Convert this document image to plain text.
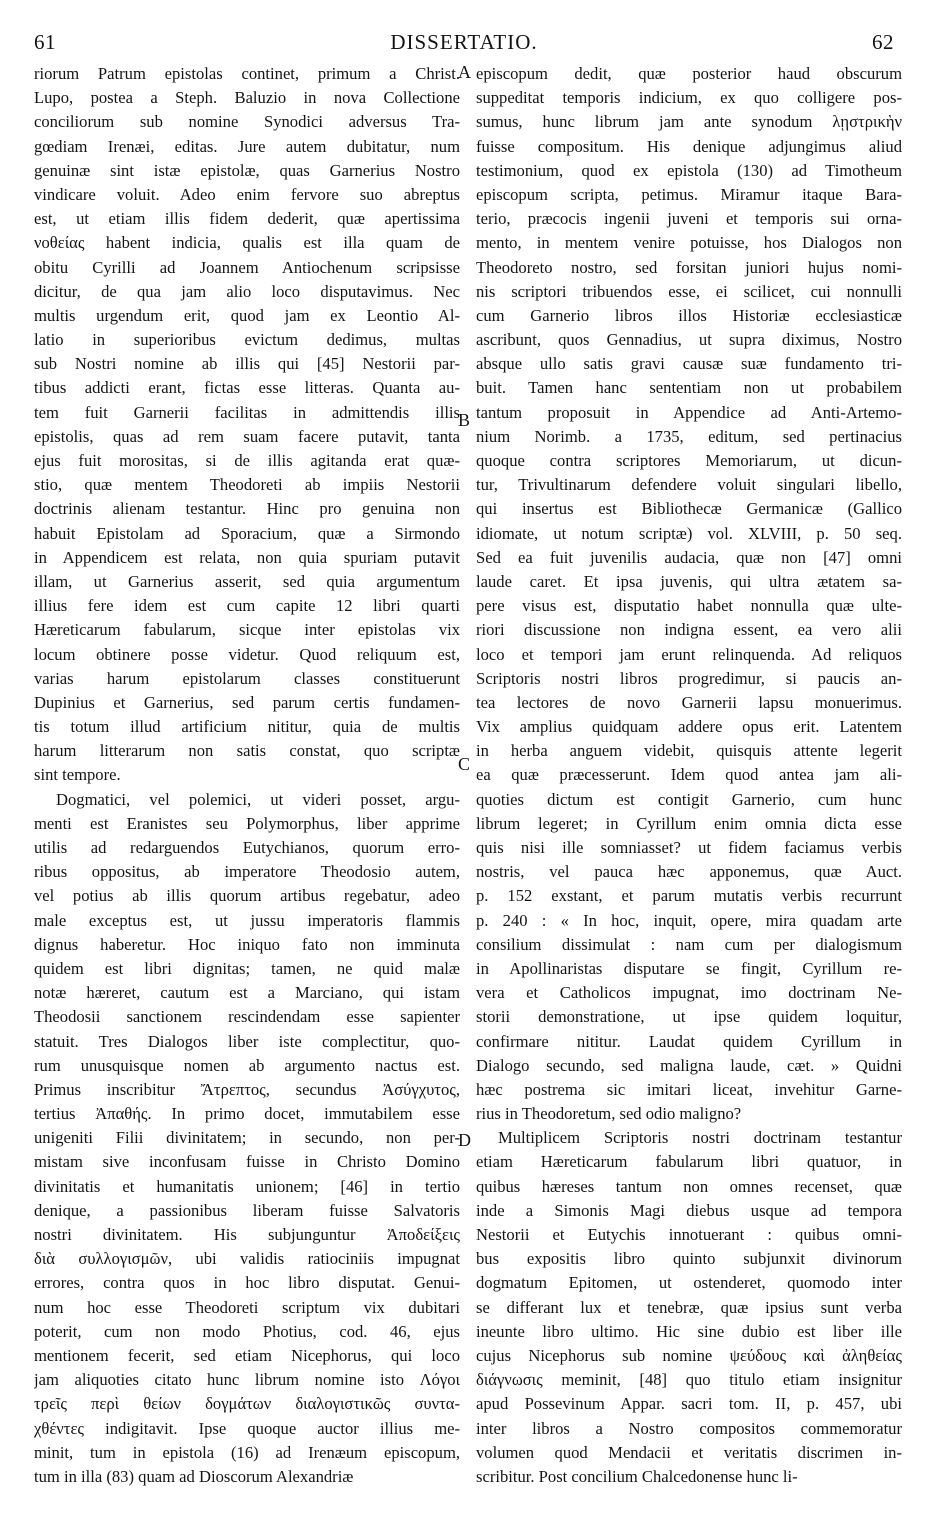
61	DISSERTATIO.	62
riorum Patrum epistolas continet, primum a Christ.
Lupo, postea a Steph. Baluzio in nova Collectione
conciliorum sub nomine Synodici adversus Tra-
gœdiam Irenæi, editas. Jure autem dubitatur, num
genuinæ sint istæ epistolæ, quas Garnerius Nostro
vindicare voluit. Adeo enim fervore suo abreptus
est, ut etiam illis fidem dederit, quæ apertissima
νοθείας habent indicia, qualis est illa quam de
obitu Cyrilli ad Joannem Antiochenum scripsisse
dicitur, de qua jam alio loco disputavimus. Nec
multis urgendum erit, quod jam ex Leontio Al-
latio in superioribus evictum dedimus, multas
sub Nostri nomine ab illis qui [45] Nestorii par-
tibus addicti erant, fictas esse litteras. Quanta au-
tem fuit Garnerii facilitas in admittendis illis
epistolis, quas ad rem suam facere putavit, tanta
ejus fuit morositas, si de illis agitanda erat quæ-
stio, quæ mentem Theodoreti ab impiis Nestorii
doctrinis alienam testantur. Hinc pro genuina non
habuit Epistolam ad Sporacium, quæ a Sirmondo
in Appendicem est relata, non quia spuriam putavit
illam, ut Garnerius asserit, sed quia argumentum
illius fere idem est cum capite 12 libri quarti
Hæreticarum fabularum, sicque inter epistolas vix
locum obtinere posse videtur. Quod reliquum est,
varias harum epistolarum classes constituerunt
Dupinius et Garnerius, sed parum certis fundamen-
tis totum illud artificium nititur, quia de multis
harum litterarum non satis constat, quo scriptæ
sint tempore.
Dogmatici, vel polemici, ut videri posset, argu-
menti est Eranistes seu Polymorphus, liber apprime
utilis ad redarguendos Eutychianos, quorum erro-
ribus oppositus, ab imperatore Theodosio autem,
vel potius ab illis quorum artibus regebatur, adeo
male exceptus est, ut jussu imperatoris flammis
dignus haberetur. Hoc iniquo fato non imminuta
quidem est libri dignitas; tamen, ne quid malæ
notæ hæreret, cautum est a Marciano, qui istam
Theodosii sanctionem rescindendam esse sapienter
statuit. Tres Dialogos liber iste complectitur, quo-
rum unusquisque nomen ab argumento nactus est.
Primus inscribitur Ἄτρεπτος, secundus Ἀσύγχυτος,
tertius Ἀπαθής. In primo docet, immutabilem esse
unigeniti Filii divinitatem; in secundo, non per-
mistam sive inconfusam fuisse in Christo Domino
divinitatis et humanitatis unionem; [46] in tertio
denique, a passionibus liberam fuisse Salvatoris
nostri divinitatem. His subjunguntur Ἀποδείξεις
διὰ συλλογισμῶν, ubi validis ratiociniis impugnat
errores, contra quos in hoc libro disputat. Genui-
num hoc esse Theodoreti scriptum vix dubitari
poterit, cum non modo Photius, cod. 46, ejus
mentionem fecerit, sed etiam Nicephorus, qui loco
jam aliquoties citato hunc librum nomine isto Λόγοι
τρεῖς περὶ θείων δογμάτων διαλογιστικῶς συντα-
χθέντες indigitavit. Ipse quoque auctor illius me-
minit, tum in epistola (16) ad Irenæum episcopum,
tum in illa (83) quam ad Dioscorum Alexandriæ
A
B
C
D
episcopum dedit, quæ posterior haud obscurum
suppeditat temporis indicium, ex quo colligere pos-
sumus, hunc librum jam ante synodum λῃστρικὴν
fuisse compositum. His denique adjungimus aliud
testimonium, quod ex epistola (130) ad Timotheum
episcopum scripta, petimus. Miramur itaque Bara-
terio, præcocis ingenii juveni et temporis sui orna-
mento, in mentem venire potuisse, hos Dialogos non
Theodoreto nostro, sed forsitan juniori hujus nomi-
nis scriptori tribuendos esse, ei scilicet, cui nonnulli
cum Garnerio libros illos Historiæ ecclesiasticæ
ascribunt, quos Gennadius, ut supra diximus, Nostro
absque ullo satis gravi causæ suæ fundamento tri-
buit. Tamen hanc sententiam non ut probabilem
tantum proposuit in Appendice ad Anti-Artemo-
nium Norimb. a 1735, editum, sed pertinacius
quoque contra scriptores Memoriarum, ut dicun-
tur, Trivultinarum defendere voluit singulari libello,
qui insertus est Bibliothecæ Germanicæ (Gallico
idiomate, ut notum scriptæ) vol. XLVIII, p. 50 seq.
Sed ea fuit juvenilis audacia, quæ non [47] omni
laude caret. Et ipsa juvenis, qui ultra ætatem sa-
pere visus est, disputatio habet nonnulla quæ ulte-
riori discussione non indigna essent, ea vero alii
loco et tempori jam erunt relinquenda. Ad reliquos
Scriptoris nostri libros progredimur, si paucis an-
tea lectores de novo Garnerii lapsu monuerimus.
Vix amplius quidquam addere opus erit. Latentem
in herba anguem videbit, quisquis attente legerit
ea quæ præcesserunt. Idem quod antea jam ali-
quoties dictum est contigit Garnerio, cum hunc
librum legeret; in Cyrillum enim omnia dicta esse
quis nisi ille somniasset? ut fidem faciamus verbis
nostris, vel pauca hæc apponemus, quæ Auct.
p. 152 exstant, et parum mutatis verbis recurrunt
p. 240 : « In hoc, inquit, opere, mira quadam arte
consilium dissimulat : nam cum per dialogismum
in Apollinaristas disputare se fingit, Cyrillum re-
vera et Catholicos impugnat, imo doctrinam Ne-
storii demonstratione, ut ipse quidem loquitur,
confirmare nititur. Laudat quidem Cyrillum in
Dialogo secundo, sed maligna laude, cæt. » Quidni
hæc postrema sic imitari liceat, invehitur Garne-
rius in Theodoretum, sed odio maligno?
Multiplicem Scriptoris nostri doctrinam testantur
etiam Hæreticarum fabularum libri quatuor, in
quibus hæreses tantum non omnes recenset, quæ
inde a Simonis Magi diebus usque ad tempora
Nestorii et Eutychis innotuerant : quibus omni-
bus expositis libro quinto subjunxit divinorum
dogmatum Epitomen, ut ostenderet, quomodo inter
se differant lux et tenebræ, quæ ipsius sunt verba
ineunte libro ultimo. Hic sine dubio est liber ille
cujus Nicephorus sub nomine ψεύδους καὶ ἀληθείας
διάγνωσις meminit, [48] quo titulo etiam insignitur
apud Possevinum Appar. sacri tom. II, p. 457, ubi
inter libros a Nostro compositos commemoratur
volumen quod Mendacii et veritatis discrimen in-
scribitur. Post concilium Chalcedonense hunc li-
